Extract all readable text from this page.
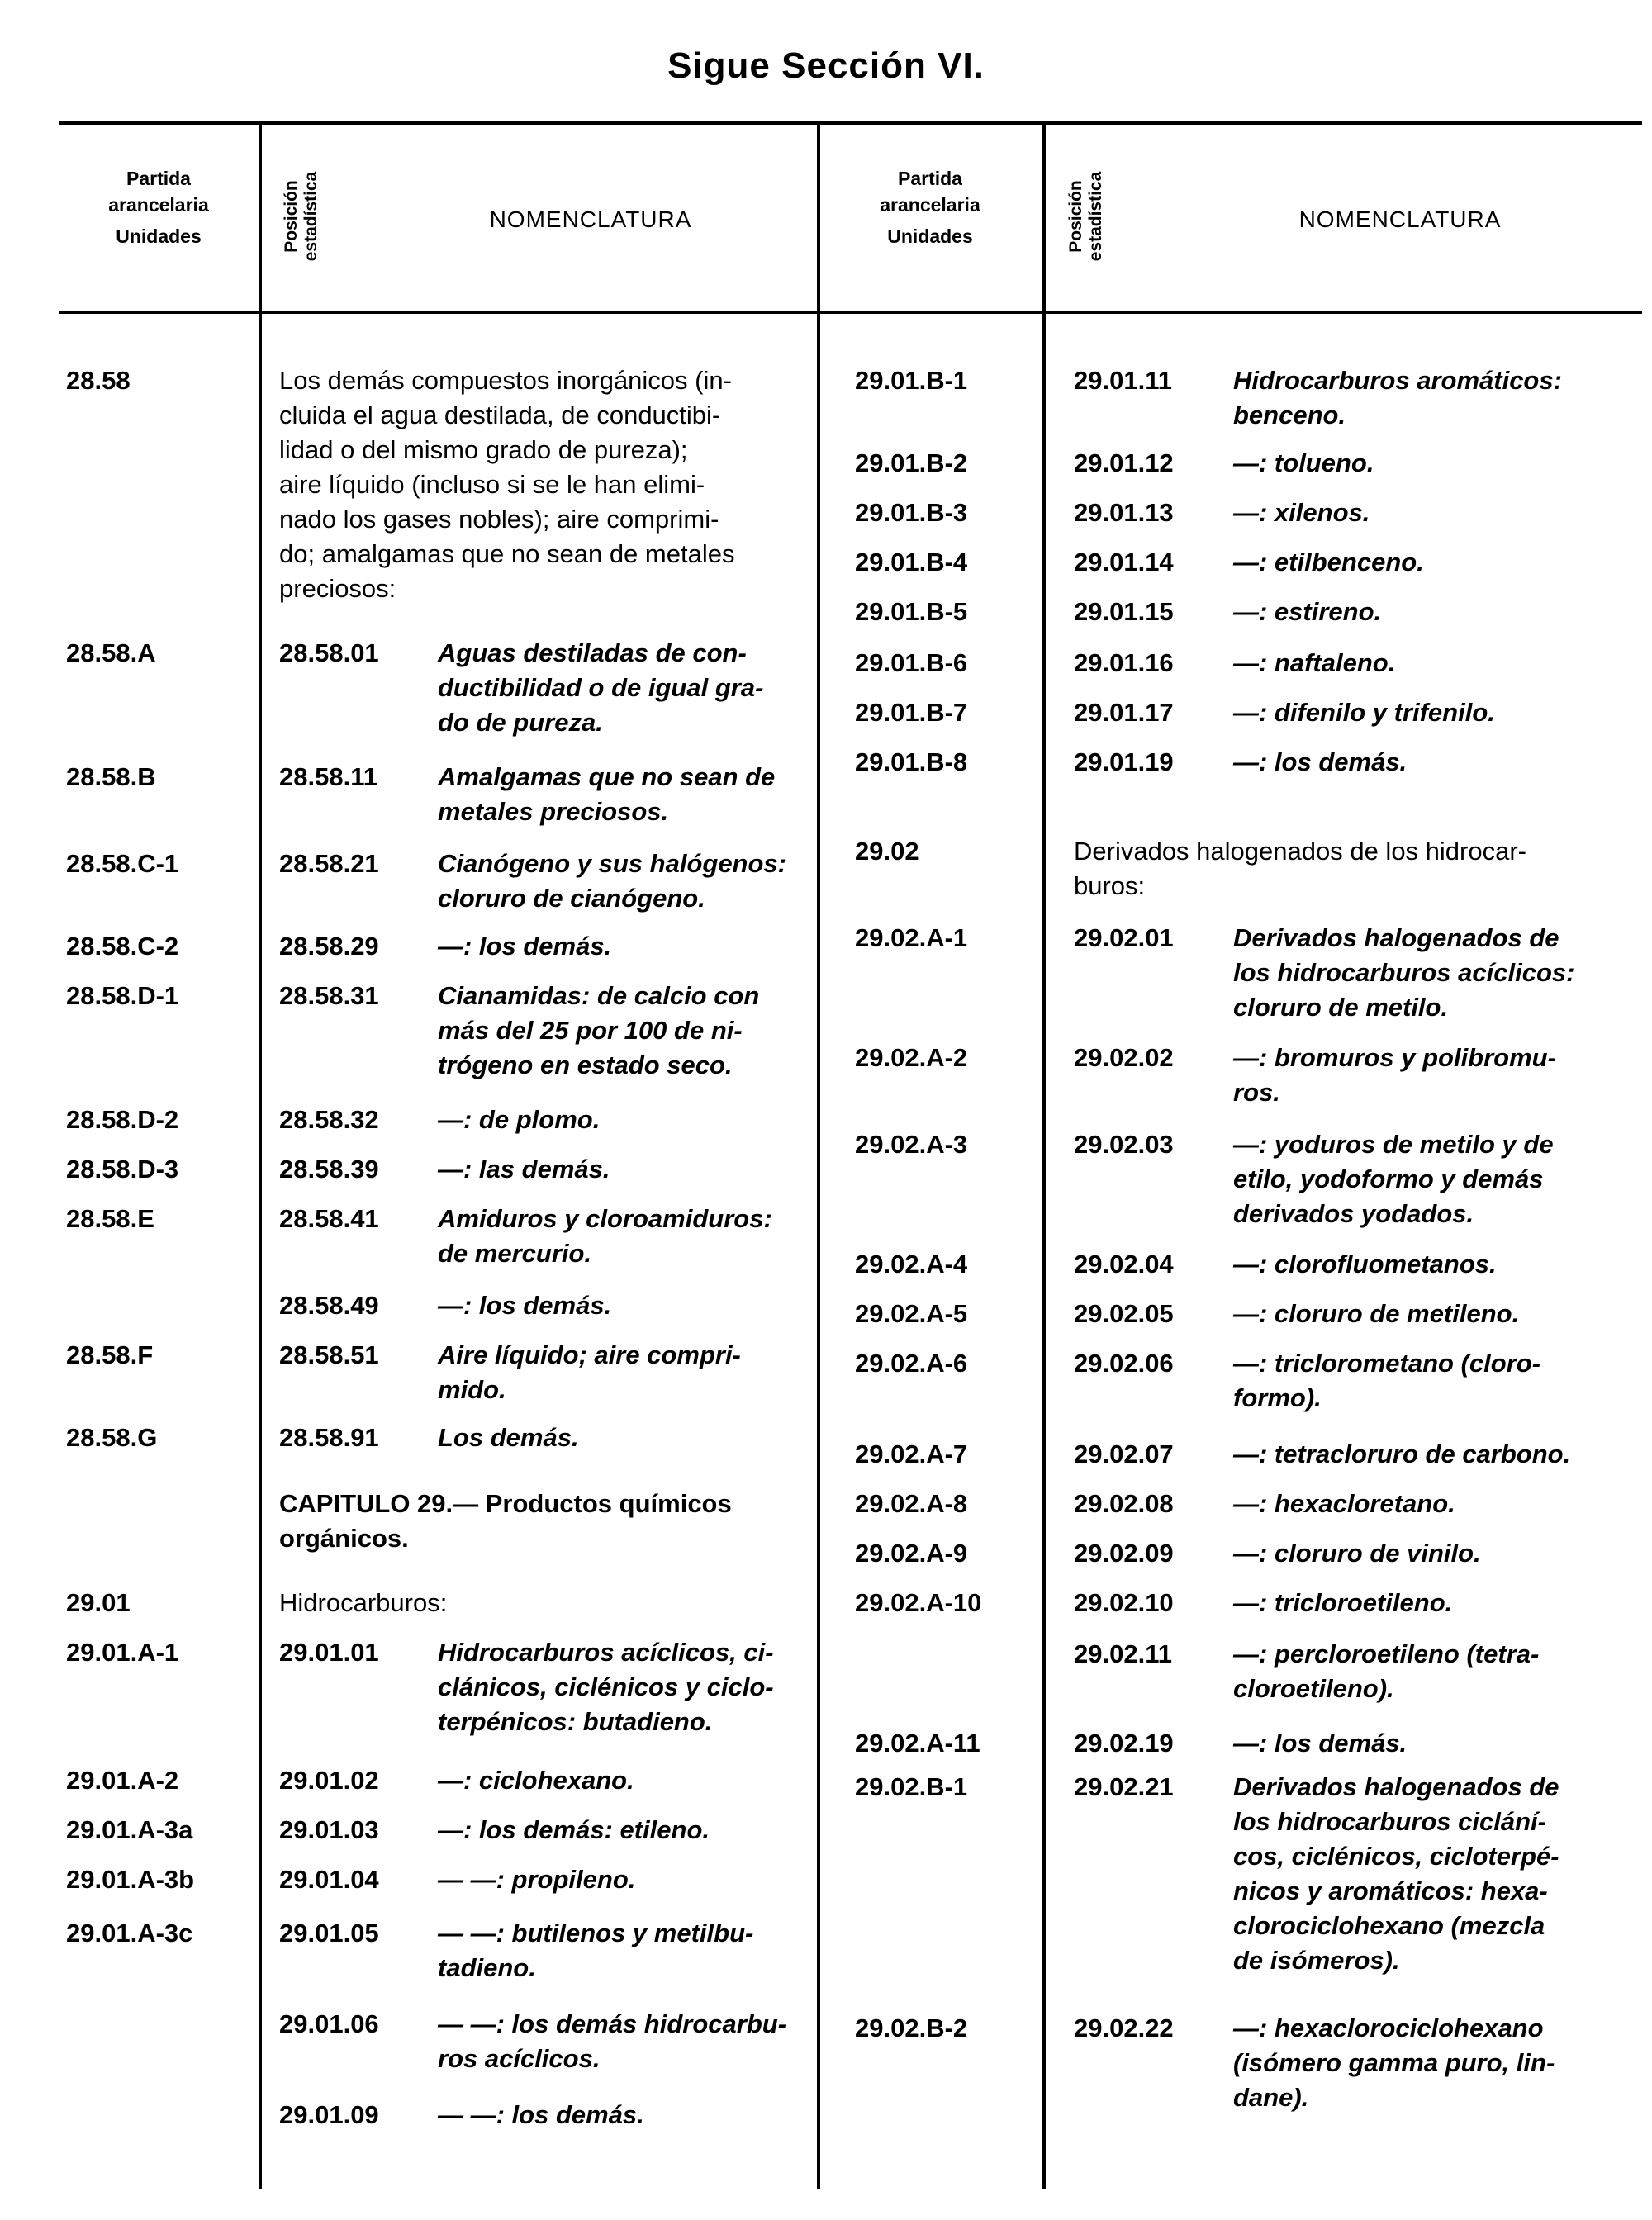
Sigue Sección VI.
Partida
arancelaria
Unidades	Posición estadística	NOMENCLATURA
Partida
arancelaria
Unidades	Posición estadística	NOMENCLATURA
28.58	Los demás compuestos inorgánicos (in-
cluida el agua destilada, de conductibi-
lidad o del mismo grado de pureza);
aire líquido (incluso si se le han elimi-
nado los gases nobles); aire comprimi-
do; amalgamas que no sean de metales
preciosos:
28.58.A	28.58.01 Aguas destiladas de con-
ductibilidad o de igual gra-
do de pureza.
28.58.B	28.58.11 Amalgamas que no sean de
metales preciosos.
28.58.C-1	28.58.21 Cianógeno y sus halógenos:
cloruro de cianógeno.
28.58.C-2	28.58.29 —: los demás.
28.58.D-1	28.58.31 Cianamidas: de calcio con
más del 25 por 100 de ni-
trógeno en estado seco.
28.58.D-2	28.58.32 —: de plomo.
28.58.D-3	28.58.39 —: las demás.
28.58.E	28.58.41 Amiduros y cloroamiduros:
de mercurio.
28.58.49 —: los demás.
28.58.F	28.58.51 Aire líquido; aire compri-
mido.
28.58.G	28.58.91 Los demás.
CAPITULO 29.— Productos químicos
orgánicos.
29.01	Hidrocarburos:
29.01.A-1	29.01.01 Hidrocarburos acíclicos, ci-
clánicos, ciclénicos y ciclo-
terpénicos: butadieno.
29.01.A-2	29.01.02 —: ciclohexano.
29.01.A-3a	29.01.03 —: los demás: etileno.
29.01.A-3b	29.01.04 — —: propileno.
29.01.A-3c	29.01.05 — —: butilenos y metilbu-
tadieno.
29.01.06 — —: los demás hidrocarbu-
ros acíclicos.
29.01.09 — —: los demás.
29.01.B-1	29.01.11 Hidrocarburos aromáticos:
benceno.
29.01.B-2	29.01.12 —: tolueno.
29.01.B-3	29.01.13 —: xilenos.
29.01.B-4	29.01.14 —: etilbenceno.
29.01.B-5	29.01.15 —: estireno.
29.01.B-6	29.01.16 —: naftaleno.
29.01.B-7	29.01.17 —: difenilo y trifenilo.
29.01.B-8	29.01.19 —: los demás.
29.02	Derivados halogenados de los hidrocar-
buros:
29.02.A-1	29.02.01 Derivados halogenados de
los hidrocarburos acíclicos:
cloruro de metilo.
29.02.A-2	29.02.02 —: bromuros y polibromu-
ros.
29.02.A-3	29.02.03 —: yoduros de metilo y de
etilo, yodoformo y demás
derivados yodados.
29.02.A-4	29.02.04 —: clorofluometanos.
29.02.A-5	29.02.05 —: cloruro de metileno.
29.02.A-6	29.02.06 —: triclorometano (cloro-
formo).
29.02.A-7	29.02.07 —: tetracloruro de carbono.
29.02.A-8	29.02.08 —: hexacloretano.
29.02.A-9	29.02.09 —: cloruro de vinilo.
29.02.A-10	29.02.10 —: tricloroetileno.
29.02.11 —: percloroetileno (tetra-
cloroetileno).
29.02.A-11	29.02.19 —: los demás.
29.02.B-1	29.02.21 Derivados halogenados de
los hidrocarburos ciclání-
cos, ciclénicos, cicloterpé-
nicos y aromáticos: hexa-
clorociclohexano (mezcla
de isómeros).
29.02.B-2	29.02.22 —: hexaclorociclohexano
(isómero gamma puro, lin-
dane).
